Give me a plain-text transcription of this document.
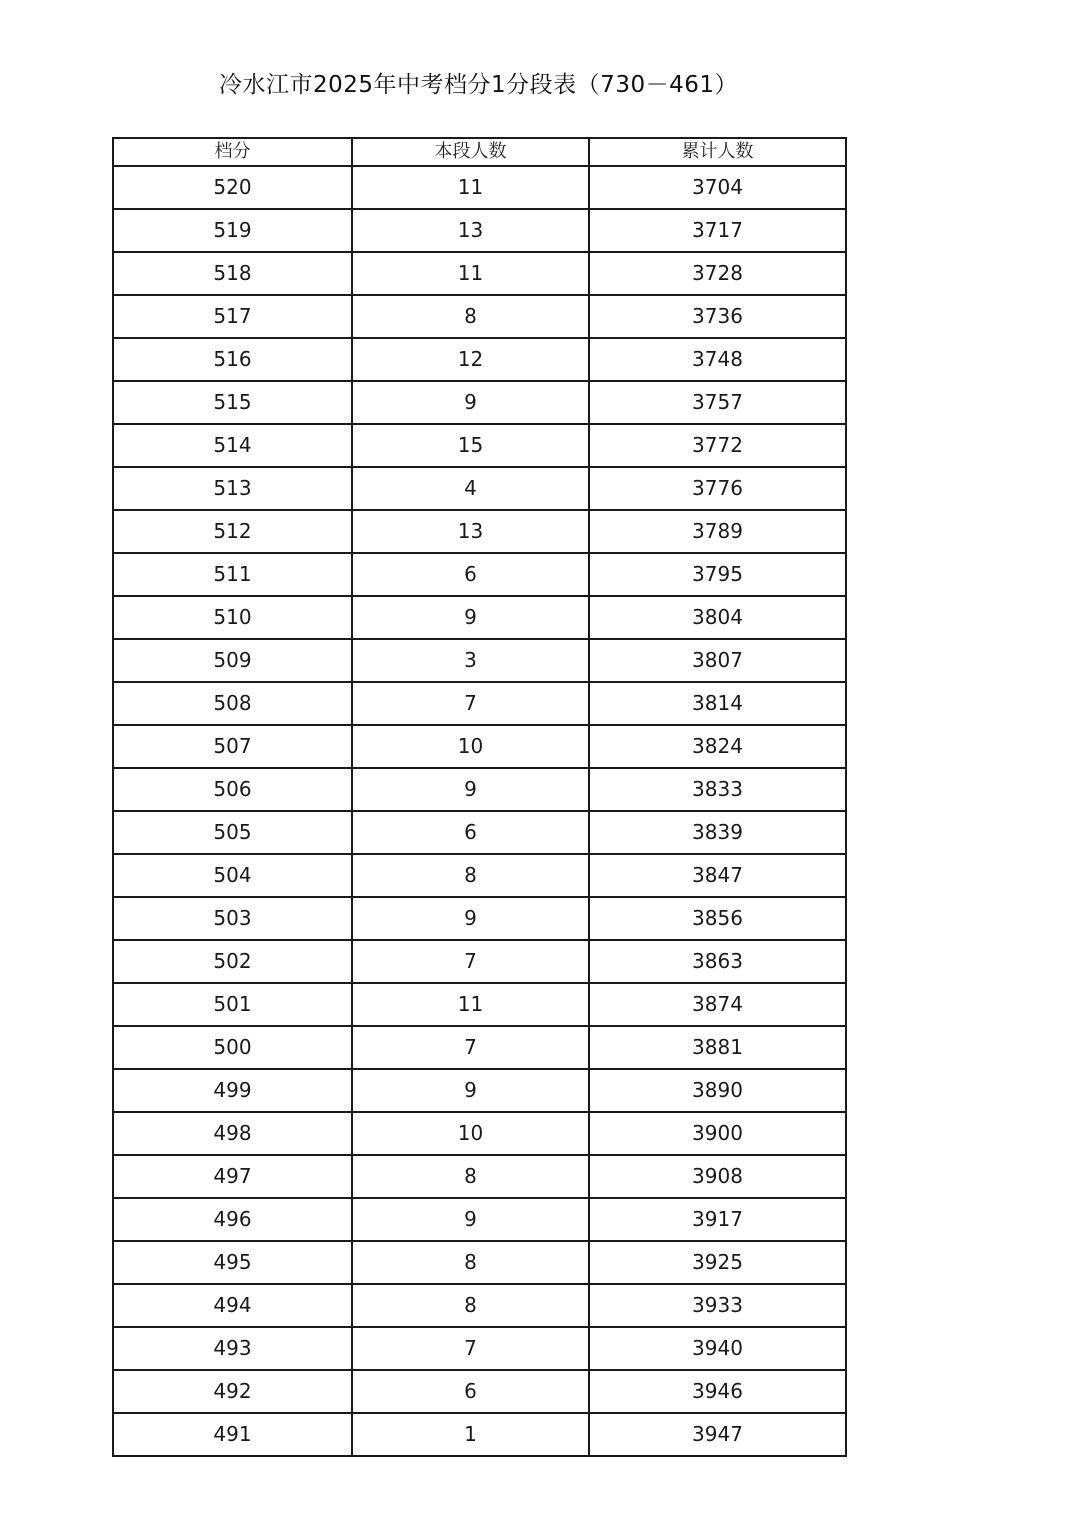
冷水江市2025年中考档分1分段表（730－461）
档分	本段人数	累计人数
520	11	3704
519	13	3717
518	11	3728
517	8	3736
516	12	3748
515	9	3757
514	15	3772
513	4	3776
512	13	3789
511	6	3795
510	9	3804
509	3	3807
508	7	3814
507	10	3824
506	9	3833
505	6	3839
504	8	3847
503	9	3856
502	7	3863
501	11	3874
500	7	3881
499	9	3890
498	10	3900
497	8	3908
496	9	3917
495	8	3925
494	8	3933
493	7	3940
492	6	3946
491	1	3947
